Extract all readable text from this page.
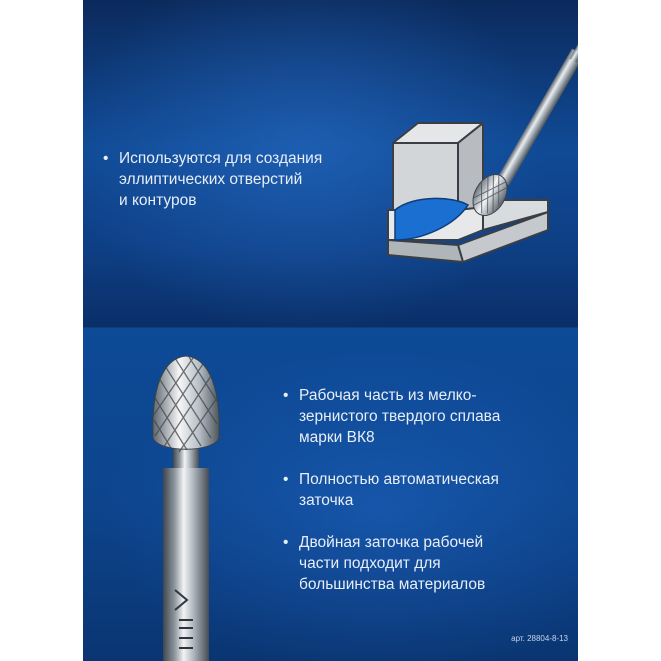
• Используются для создания
эллиптических отверстий
и контуров
• Рабочая часть из мелко-
зернистого твердого сплава
марки ВК8
• Полностью автоматическая
заточка
• Двойная заточка рабочей
части подходит для
большинства материалов
арт. 28804-8-13
